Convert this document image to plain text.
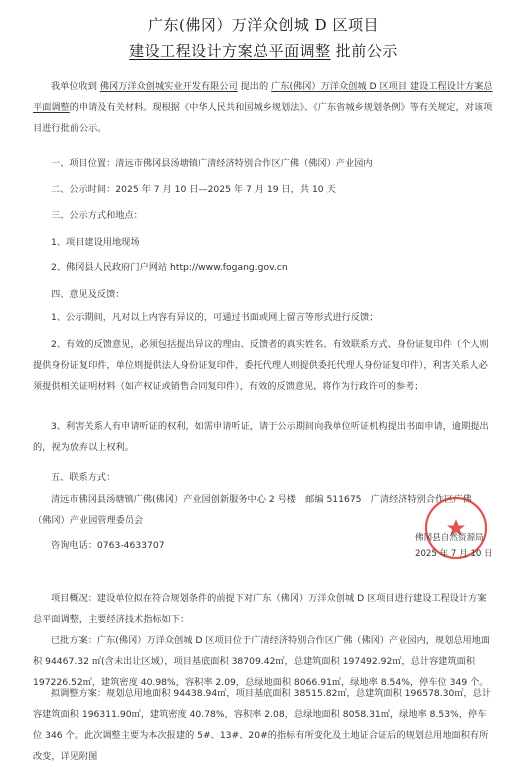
广东(佛冈）万洋众创城 D 区项目
建设工程设计方案总平面调整 批前公示
我单位收到 佛冈万洋众创城实业开发有限公司 提出的 广东(佛冈）万洋众创城 D 区项目 建设工程设计方案总平面调整的申请及有关材料。现根据《中华人民共和国城乡规划法》、《广东省城乡规划条例》等有关规定，对该项目进行批前公示。
一、项目位置：清远市佛冈县汤塘镇广清经济特别合作区广佛（佛冈）产业园内
二、公示时间：2025 年 7 月 10 日—2025 年 7 月 19 日，共 10 天
三、公示方式和地点：
1、项目建设用地现场
2、佛冈县人民政府门户网站 http://www.fogang.gov.cn
四、意见及反馈：
1、公示期间，凡对以上内容有异议的，可通过书面或网上留言等形式进行反馈；
2、有效的反馈意见，必须包括提出异议的理由、反馈者的真实姓名、有效联系方式、身份证复印件（个人则提供身份证复印件，单位则提供法人身份证复印件，委托代理人则提供委托代理人身份证复印件），利害关系人必须提供相关证明材料（如产权证或销售合同复印件），有效的反馈意见，将作为行政许可的参考；
3、利害关系人有申请听证的权利，如需申请听证，请于公示期间向我单位听证机构提出书面申请，逾期提出的，视为放弃以上权利。
五、联系方式：
清远市佛冈县汤塘镇广佛(佛冈）产业园创新服务中心 2 号楼　邮编 511675　广清经济特别合作区广佛（佛冈）产业园管理委员会
咨询电话：0763-4633707
佛冈县自然资源局
2025 年 7 月 10 日
项目概况：建设单位拟在符合规划条件的前提下对广东（佛冈）万洋众创城 D 区项目进行建设工程设计方案总平面调整，主要经济技术指标如下：
已批方案：广东(佛冈）万洋众创城 D 区项目位于广清经济特别合作区广佛（佛冈）产业园内，规划总用地面积 94467.32 ㎡(含未出让区域），项目基底面积 38709.42㎡，总建筑面积 197492.92㎡，总计容建筑面积 197226.52㎡，建筑密度 40.98%，容积率 2.09，总绿地面积 8066.91㎡，绿地率 8.54%，停车位 349 个。
拟调整方案：规划总用地面积 94438.94㎡，项目基底面积 38515.82㎡，总建筑面积 196578.30㎡，总计容建筑面积 196311.90㎡，建筑密度 40.78%，容积率 2.08，总绿地面积 8058.31㎡，绿地率 8.53%，停车位 346 个。此次调整主要为本次报建的 5#、13#、20#的指标有所变化及土地证合证后的规划总用地面积有所改变，详见附图
